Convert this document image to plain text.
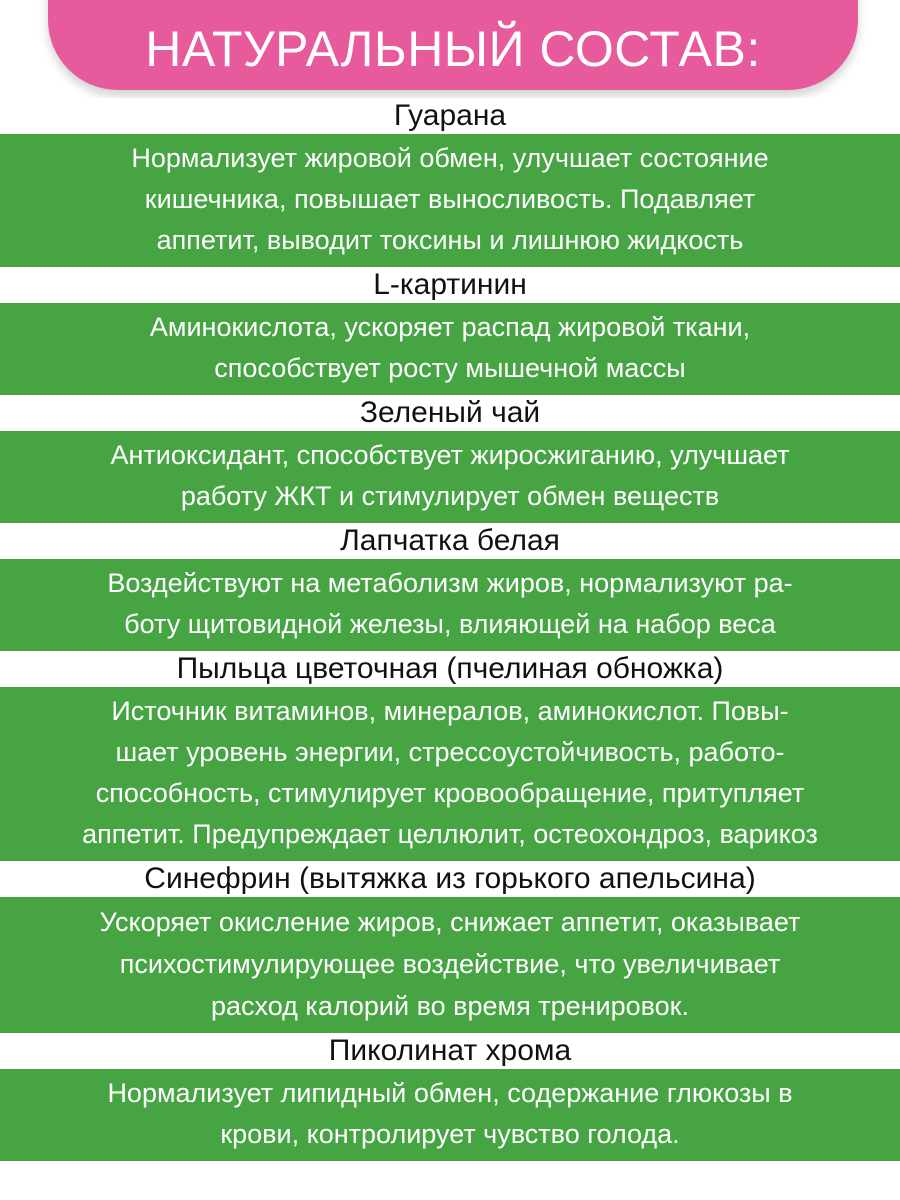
НАТУРАЛЬНЫЙ СОСТАВ:
Гуарана
Нормализует жировой обмен, улучшает состояние
кишечника, повышает выносливость. Подавляет
аппетит, выводит токсины и лишнюю жидкость
L-картинин
Аминокислота, ускоряет распад жировой ткани,
способствует росту мышечной массы
Зеленый чай
Антиоксидант, способствует жиросжиганию, улучшает
работу ЖКТ и стимулирует обмен веществ
Лапчатка белая
Воздействуют на метаболизм жиров, нормализуют ра-
боту щитовидной железы, влияющей на набор веса
Пыльца цветочная (пчелиная обножка)
Источник витаминов, минералов, аминокислот. Повы-
шает уровень энергии, стрессоустойчивость, работо-
способность, стимулирует кровообращение, притупляет
аппетит. Предупреждает целлюлит, остеохондроз, варикоз
Синефрин (вытяжка из горького апельсина)
Ускоряет окисление жиров, снижает аппетит, оказывает
психостимулирующее воздействие, что увеличивает
расход калорий во время тренировок.
Пиколинат хрома
Нормализует липидный обмен, содержание глюкозы в
крови, контролирует чувство голода.
